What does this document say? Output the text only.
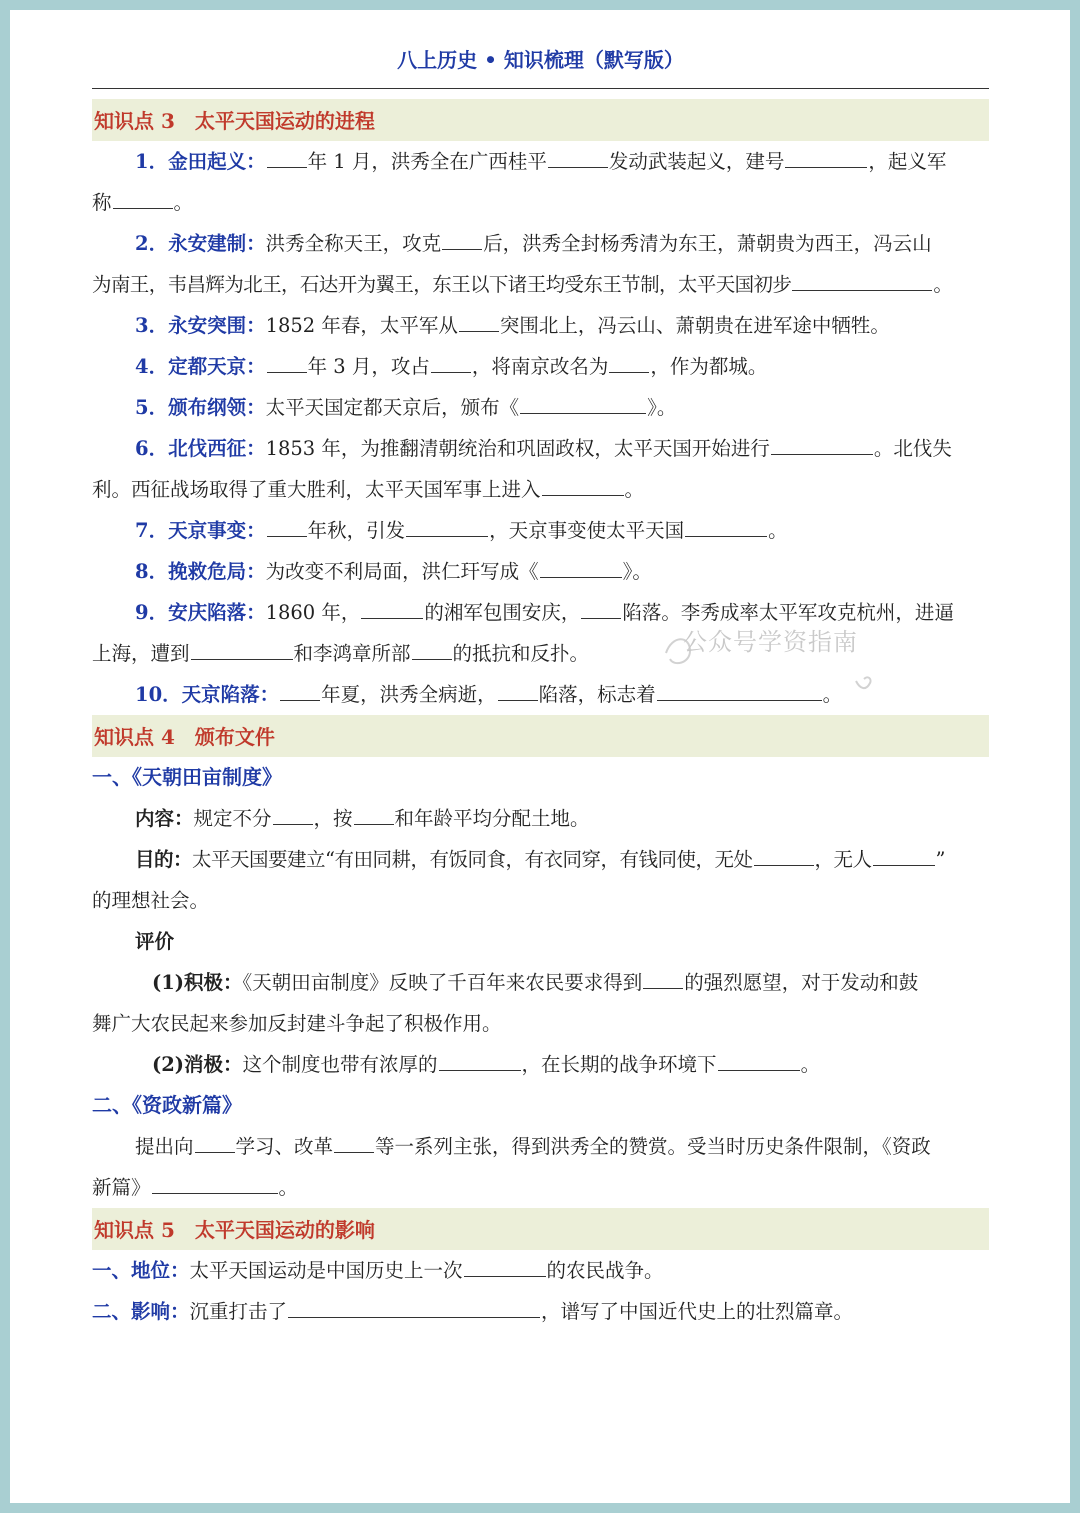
八上历史 • 知识梳理（默写版）
知识点 3　太平天国运动的进程
1．金田起义： 年 1 月，洪秀全在广西桂平	发动武装起义，建号	，起义军
称	。
2．永安建制：洪秀全称天王，攻克 后，洪秀全封杨秀清为东王，萧朝贵为西王，冯云山
为南王，韦昌辉为北王，石达开为翼王，东王以下诸王均受东王节制，太平天国初步	。
3．永安突围：1852 年春，太平军从 突围北上，冯云山、萧朝贵在进军途中牺牲。
4．定都天京： 年 3 月，攻占 ，将南京改名为 ，作为都城。
5．颁布纲领：太平天国定都天京后，颁布《	》。
6．北伐西征：1853 年，为推翻清朝统治和巩固政权，太平天国开始进行	。北伐失
利。西征战场取得了重大胜利，太平天国军事上进入	。
7．天京事变： 年秋，引发	，天京事变使太平天国	。
8．挽救危局：为改变不利局面，洪仁玕写成《	》。
9．安庆陷落：1860 年，	的湘军包围安庆， 陷落。李秀成率太平军攻克杭州，进逼
上海，遭到	和李鸿章所部 的抵抗和反扑。
10．天京陷落： 年夏，洪秀全病逝， 陷落，标志着	。
知识点 4　颁布文件
一、《天朝田亩制度》
内容：规定不分 ，按 和年龄平均分配土地。
目的：太平天国要建立“有田同耕，有饭同食，有衣同穿，有钱同使，无处	，无人	”
的理想社会。
评价
(1)积极：《天朝田亩制度》反映了千百年来农民要求得到 的强烈愿望，对于发动和鼓
舞广大农民起来参加反封建斗争起了积极作用。
(2)消极：这个制度也带有浓厚的	，在长期的战争环境下	。
二、《资政新篇》
提出向 学习、改革 等一系列主张，得到洪秀全的赞赏。受当时历史条件限制，《资政
新篇》	。
知识点 5　太平天国运动的影响
一、地位：太平天国运动是中国历史上一次	的农民战争。
二、影响：沉重打击了	，谱写了中国近代史上的壮烈篇章。
公众号学资指南
